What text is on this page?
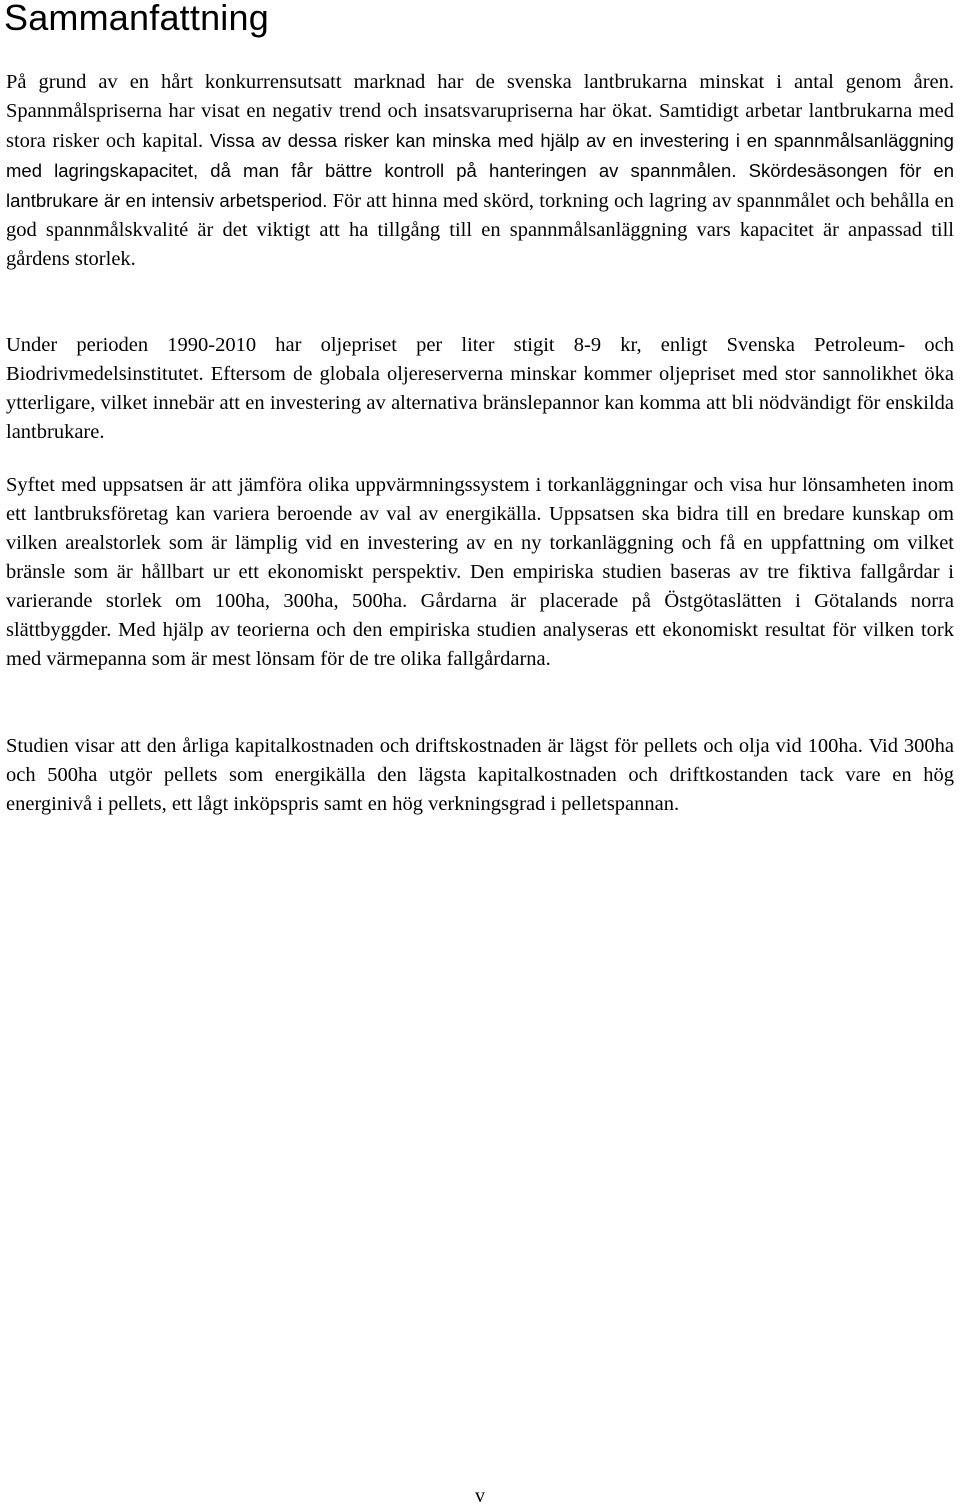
Sammanfattning

På grund av en hårt konkurrensutsatt marknad har de svenska lantbrukarna minskat i antal genom åren. Spannmålspriserna har visat en negativ trend och insatsvarupriserna har ökat. Samtidigt arbetar lantbrukarna med stora risker och kapital. Vissa av dessa risker kan minska med hjälp av en investering i en spannmålsanläggning med lagringskapacitet, då man får bättre kontroll på hanteringen av spannmålen. Skördesäsongen för en lantbrukare är en intensiv arbetsperiod. För att hinna med skörd, torkning och lagring av spannmålet och behålla en god spannmålskvalité är det viktigt att ha tillgång till en spannmålsanläggning vars kapacitet är anpassad till gårdens storlek.

Under perioden 1990-2010 har oljepriset per liter stigit 8-9 kr, enligt Svenska Petroleum- och Biodrivmedelsinstitutet. Eftersom de globala oljereserverna minskar kommer oljepriset med stor sannolikhet öka ytterligare, vilket innebär att en investering av alternativa bränslepannor kan komma att bli nödvändigt för enskilda lantbrukare.

Syftet med uppsatsen är att jämföra olika uppvärmningssystem i torkanläggningar och visa hur lönsamheten inom ett lantbruksföretag kan variera beroende av val av energikälla. Uppsatsen ska bidra till en bredare kunskap om vilken arealstorlek som är lämplig vid en investering av en ny torkanläggning och få en uppfattning om vilket bränsle som är hållbart ur ett ekonomiskt perspektiv. Den empiriska studien baseras av tre fiktiva fallgårdar i varierande storlek om 100ha, 300ha, 500ha. Gårdarna är placerade på Östgötaslätten i Götalands norra slättbyggder. Med hjälp av teorierna och den empiriska studien analyseras ett ekonomiskt resultat för vilken tork med värmepanna som är mest lönsam för de tre olika fallgårdarna.

Studien visar att den årliga kapitalkostnaden och driftskostnaden är lägst för pellets och olja vid 100ha. Vid 300ha och 500ha utgör pellets som energikälla den lägsta kapitalkostnaden och driftkostanden tack vare en hög energinivå i pellets, ett lågt inköpspris samt en hög verkningsgrad i pelletspannan.

v
